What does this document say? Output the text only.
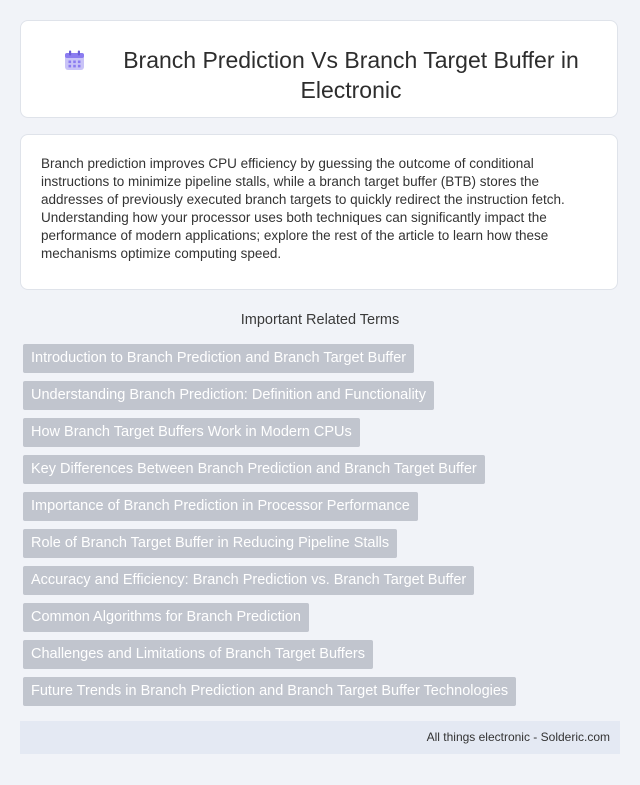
Branch Prediction Vs Branch Target Buffer in Electronic

Branch prediction improves CPU efficiency by guessing the outcome of conditional instructions to minimize pipeline stalls, while a branch target buffer (BTB) stores the addresses of previously executed branch targets to quickly redirect the instruction fetch. Understanding how your processor uses both techniques can significantly impact the performance of modern applications; explore the rest of the article to learn how these mechanisms optimize computing speed.

Important Related Terms
Introduction to Branch Prediction and Branch Target Buffer
Understanding Branch Prediction: Definition and Functionality
How Branch Target Buffers Work in Modern CPUs
Key Differences Between Branch Prediction and Branch Target Buffer
Importance of Branch Prediction in Processor Performance
Role of Branch Target Buffer in Reducing Pipeline Stalls
Accuracy and Efficiency: Branch Prediction vs. Branch Target Buffer
Common Algorithms for Branch Prediction
Challenges and Limitations of Branch Target Buffers
Future Trends in Branch Prediction and Branch Target Buffer Technologies
All things electronic - Solderic.com
